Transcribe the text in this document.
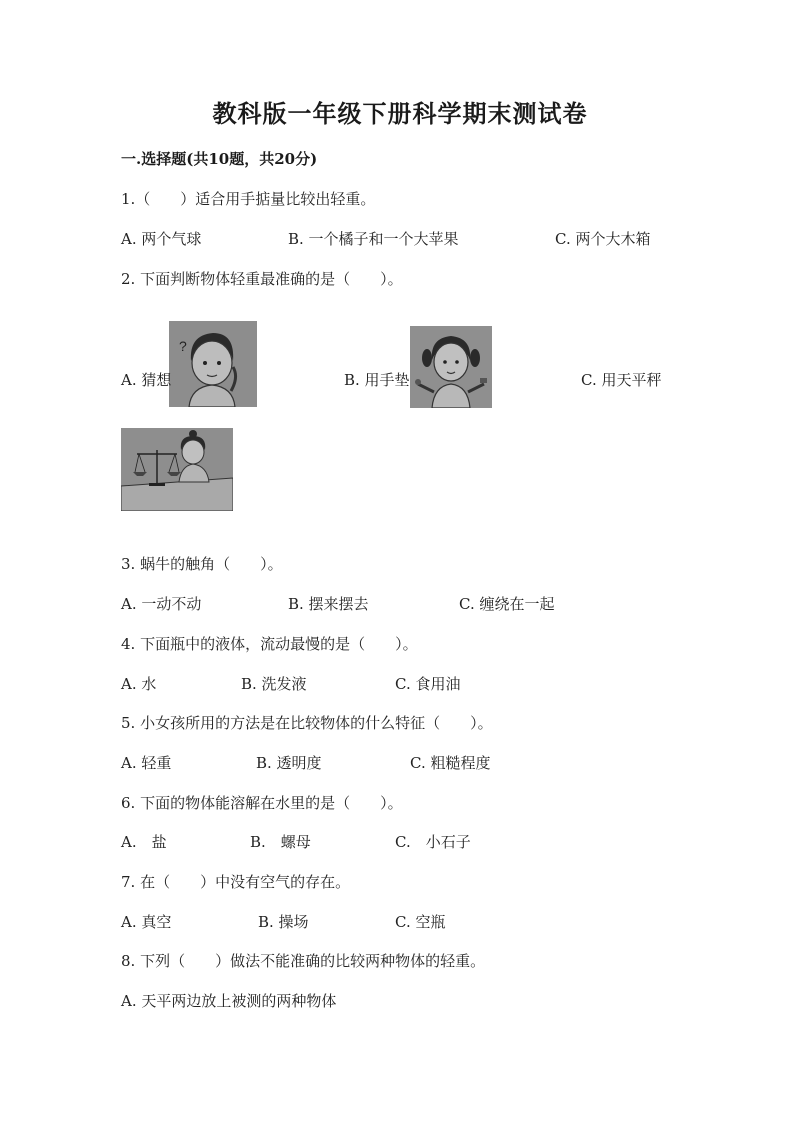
教科版一年级下册科学期末测试卷
一.选择题(共10题，共20分)
1.（　　）适合用手掂量比较出轻重。
A. 两个气球	B. 一个橘子和一个大苹果	C. 两个大木箱
2. 下面判断物体轻重最准确的是（　　）。
?
A. 猜想	B. 用手垫	C. 用天平秤
3. 蜗牛的触角（　　）。
A. 一动不动	B. 摆来摆去	C. 缠绕在一起
4. 下面瓶中的液体，流动最慢的是（　　）。
A. 水	B. 洗发液	C. 食用油
5. 小女孩所用的方法是在比较物体的什么特征（　　）。
A. 轻重	B. 透明度	C. 粗糙程度
6. 下面的物体能溶解在水里的是（　　）。
A.　盐	B.　螺母	C.　小石子
7. 在（　　）中没有空气的存在。
A. 真空	B. 操场	C. 空瓶
8. 下列（　　）做法不能准确的比较两种物体的轻重。
A. 天平两边放上被测的两种物体
